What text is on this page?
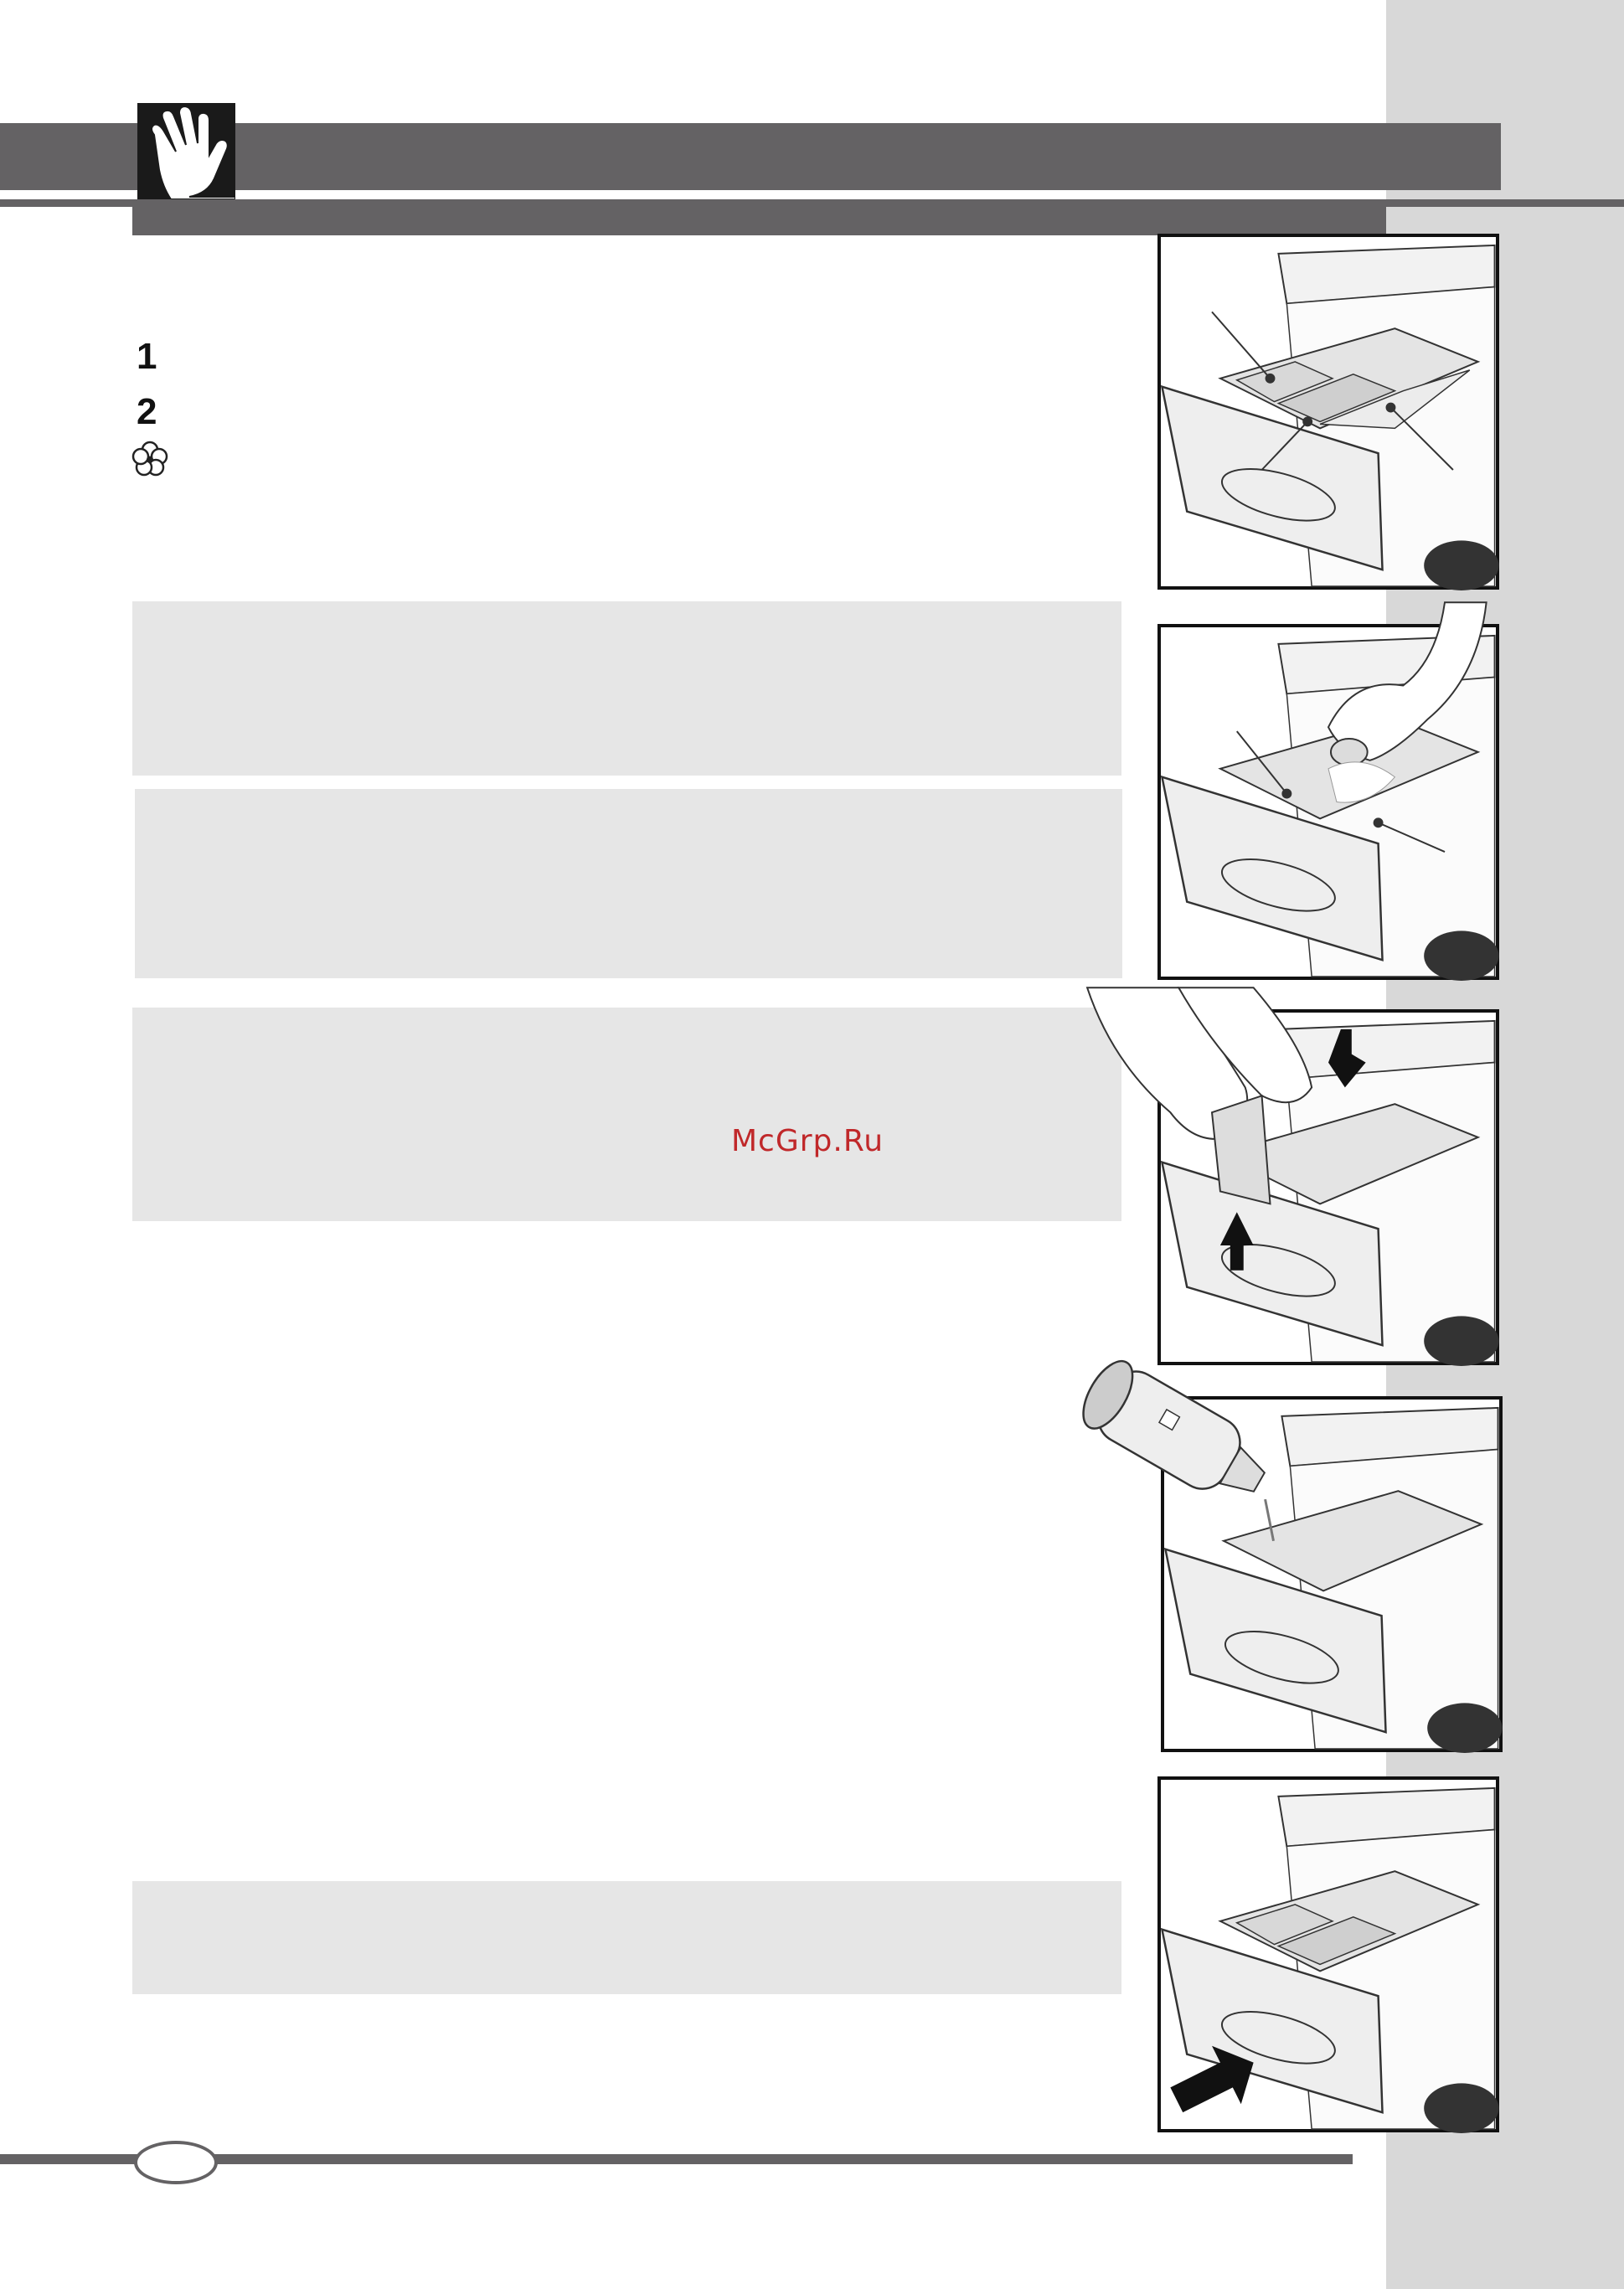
1
2
McGrp.Ru
